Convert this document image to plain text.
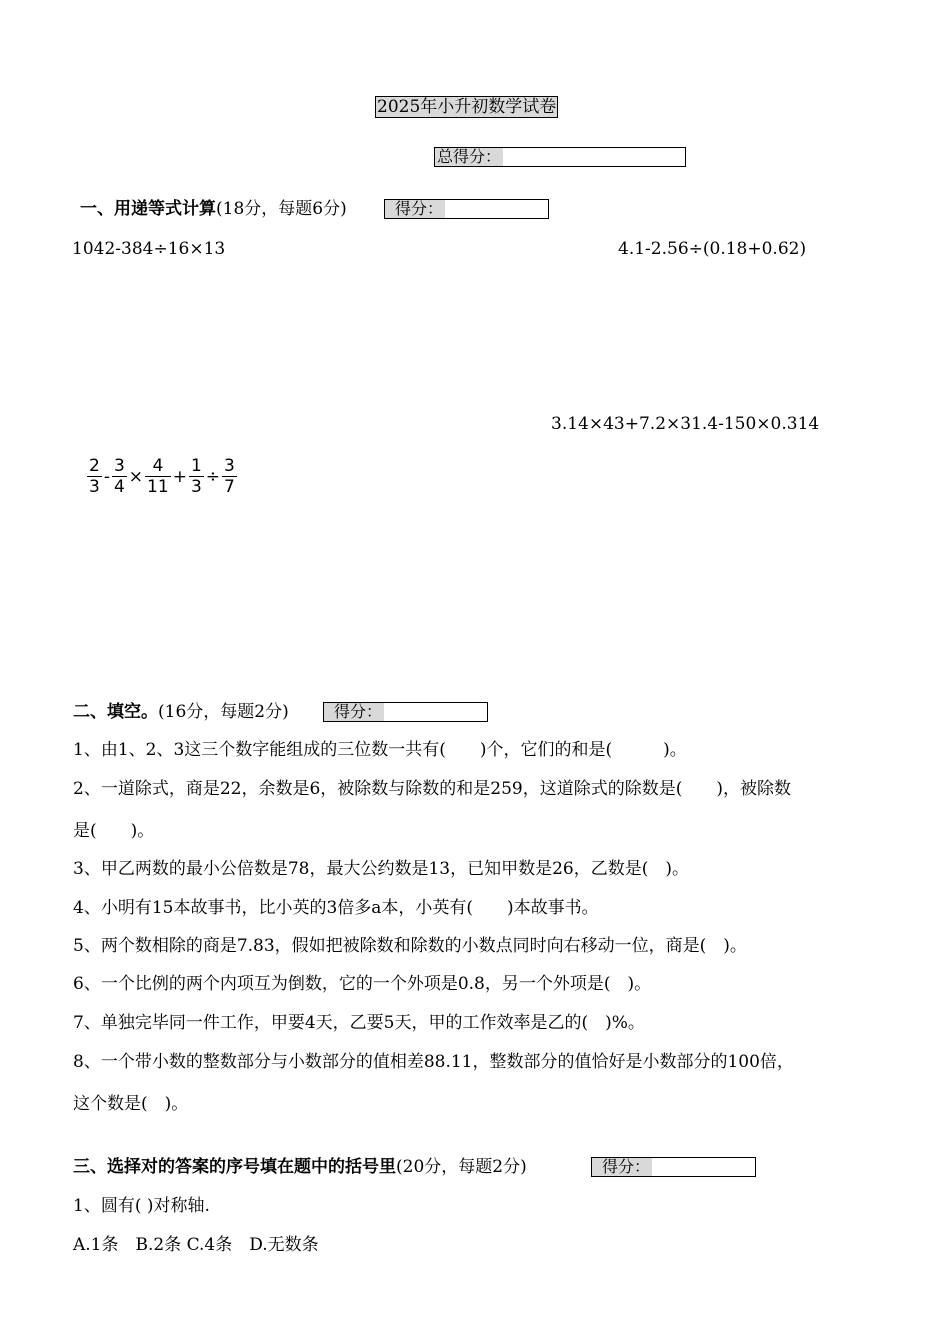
2025年小升初数学试卷
总得分：
一、用递等式计算(18分，每题6分)	得分：
1042-384÷16×13	4.1-2.56÷(0.18+0.62)
3.14×43+7.2×31.4-150×0.314
$\frac{2}{3} - \frac{3}{4} \times \frac{4}{11} + \frac{1}{3} \div \frac{3}{7}$
二、填空。(16分，每题2分)	得分：
1、由1、2、3这三个数字能组成的三位数一共有(　　)个，它们的和是(　　　)。
2、一道除式，商是22，余数是6，被除数与除数的和是259，这道除式的除数是(　　)，被除数
是(　　)。
3、甲乙两数的最小公倍数是78，最大公约数是13，已知甲数是26，乙数是(　)。
4、小明有15本故事书，比小英的3倍多a本，小英有(　　)本故事书。
5、两个数相除的商是7.83，假如把被除数和除数的小数点同时向右移动一位，商是(　)。
6、一个比例的两个内项互为倒数，它的一个外项是0.8，另一个外项是(　)。
7、单独完毕同一件工作，甲要4天，乙要5天，甲的工作效率是乙的(　)%。
8、一个带小数的整数部分与小数部分的值相差88.11，整数部分的值恰好是小数部分的100倍，
这个数是(　)。
三、选择对的答案的序号填在题中的括号里(20分，每题2分)	得分：
1、圆有( )对称轴.
A.1条　B.2条 C.4条　D.无数条
